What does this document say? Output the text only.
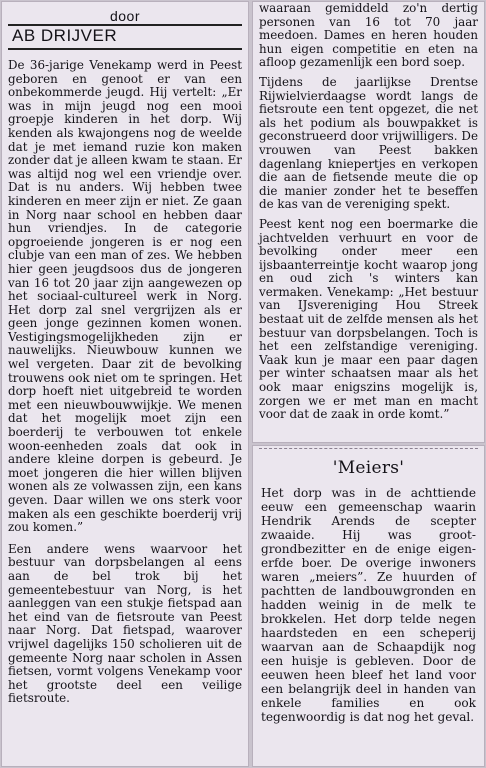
door
AB DRIJVER

De 36-jarige Venekamp werd in Peest geboren en genoot er van een onbekommerde jeugd. Hij vertelt: „Er was in mijn jeugd nog een mooi groepje kinderen in het dorp. Wij kenden als kwajongens nog de weelde dat je met iemand ruzie kon maken zonder dat je alleen kwam te staan. Er was altijd nog wel een vriendje over. Dat is nu anders. Wij hebben twee kinderen en meer zijn er niet. Ze gaan in Norg naar school en hebben daar hun vriendjes. In de categorie opgroeiende jongeren is er nog een clubje van een man of zes. We hebben hier geen jeugdsoos dus de jongeren van 16 tot 20 jaar zijn aangewezen op het sociaal-cultureel werk in Norg. Het dorp zal snel vergrijzen als er geen jonge gezinnen komen wonen. Vestigingsmogelijkheden zijn er nauwelijks. Nieuwbouw kunnen we wel vergeten. Daar zit de bevolking trouwens ook niet om te springen. Het dorp hoeft niet uitgebreid te worden met een nieuwbouwwijkje. We menen dat het mogelijk moet zijn een boerderij te verbouwen tot enkele woon-eenheden zoals dat ook in andere kleine dorpen is gebeurd. Je moet jongeren die hier willen blijven wonen als ze volwassen zijn, een kans geven. Daar willen we ons sterk voor maken als een geschikte boerderij vrij zou komen.”

Een andere wens waarvoor het bestuur van dorpsbelangen al eens aan de bel trok bij het gemeentebestuur van Norg, is het aanleggen van een stukje fietspad aan het eind van de fietsroute van Peest naar Norg. Dat fietspad, waarover vrijwel dagelijks 150 scholieren uit de gemeente Norg naar scholen in Assen fietsen, vormt volgens Venekamp voor het grootste deel een veilige fietsroute.

waaraan gemiddeld zo'n dertig personen van 16 tot 70 jaar meedoen. Dames en heren houden hun eigen competitie en eten na afloop gezamenlijk een bord soep.

Tijdens de jaarlijkse Drentse Rijwielvierdaagse wordt langs de fietsroute een tent opgezet, die net als het podium als bouwpakket is geconstrueerd door vrijwilligers. De vrouwen van Peest bakken dagenlang kniepertjes en verkopen die aan de fietsende meute die op die manier zonder het te beseffen de kas van de vereniging spekt.

Peest kent nog een boermarke die jachtvelden verhuurt en voor de bevolking onder meer een ijsbaanterreintje kocht waarop jong en oud zich 's winters kan vermaken. Venekamp: „Het bestuur van IJsvereniging Hou Streek bestaat uit de zelfde mensen als het bestuur van dorpsbelangen. Toch is het een zelfstandige vereniging. Vaak kun je maar een paar dagen per winter schaatsen maar als het ook maar enigszins mogelijk is, zorgen we er met man en macht voor dat de zaak in orde komt.”

'Meiers'

Het dorp was in de achttiende eeuw een gemeenschap waarin Hendrik Arends de scepter zwaaide. Hij was groot-grondbezitter en de enige eigen-erfde boer. De overige inwoners waren „meiers”. Ze huurden of pachtten de landbouwgronden en hadden weinig in de melk te brokkelen. Het dorp telde negen haardsteden en een scheperij waarvan aan de Schaapdijk nog een huisje is gebleven. Door de eeuwen heen bleef het land voor een belangrijk deel in handen van enkele families en ook tegenwoordig is dat nog het geval.
